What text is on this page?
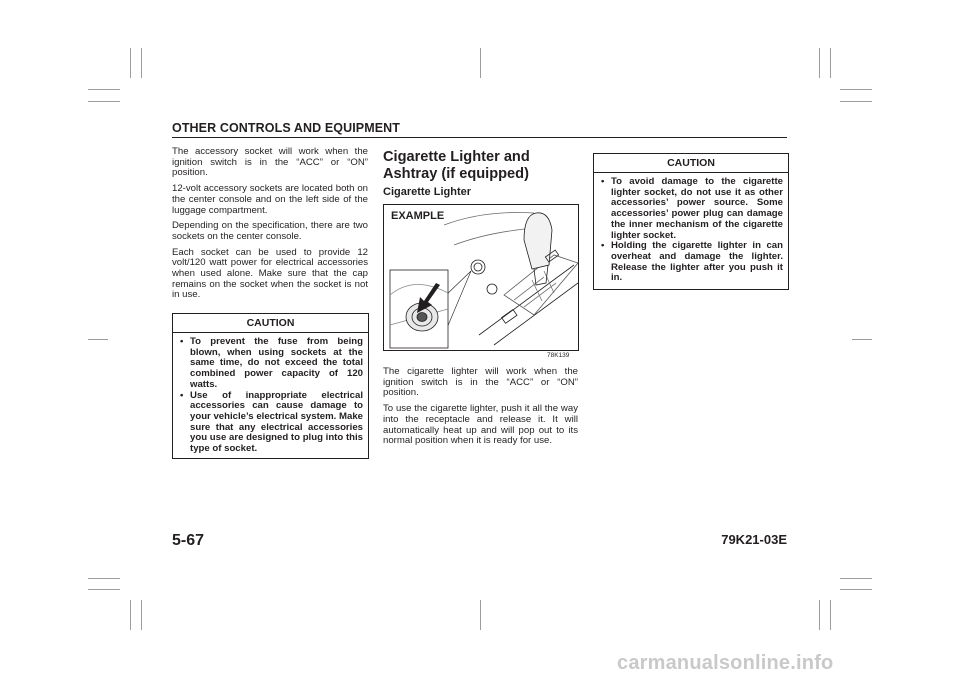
OTHER CONTROLS AND EQUIPMENT

The accessory socket will work when the ignition switch is in the “ACC” or “ON” position.

12-volt accessory sockets are located both on the center console and on the left side of the luggage compartment.

Depending on the specification, there are two sockets on the center console.

Each socket can be used to provide 12 volt/120 watt power for electrical accessories when used alone. Make sure that the cap remains on the socket when the socket is not in use.

CAUTION
• To prevent the fuse from being blown, when using sockets at the same time, do not exceed the total combined power capacity of 120 watts.
• Use of inappropriate electrical accessories can cause damage to your vehicle’s electrical system. Make sure that any electrical accessories you use are designed to plug into this type of socket.
Cigarette Lighter and Ashtray (if equipped)
Cigarette Lighter
EXAMPLE
78K139

The cigarette lighter will work when the ignition switch is in the “ACC” or “ON” position.

To use the cigarette lighter, push it all the way into the receptacle and release it. It will automatically heat up and will pop out to its normal position when it is ready for use.

CAUTION
• To avoid damage to the cigarette lighter socket, do not use it as other accessories’ power source. Some accessories’ power plug can damage the inner mechanism of the cigarette lighter socket.
• Holding the cigarette lighter in can overheat and damage the lighter. Release the lighter after you push it in.
5-67	79K21-03E
carmanualsonline.info
